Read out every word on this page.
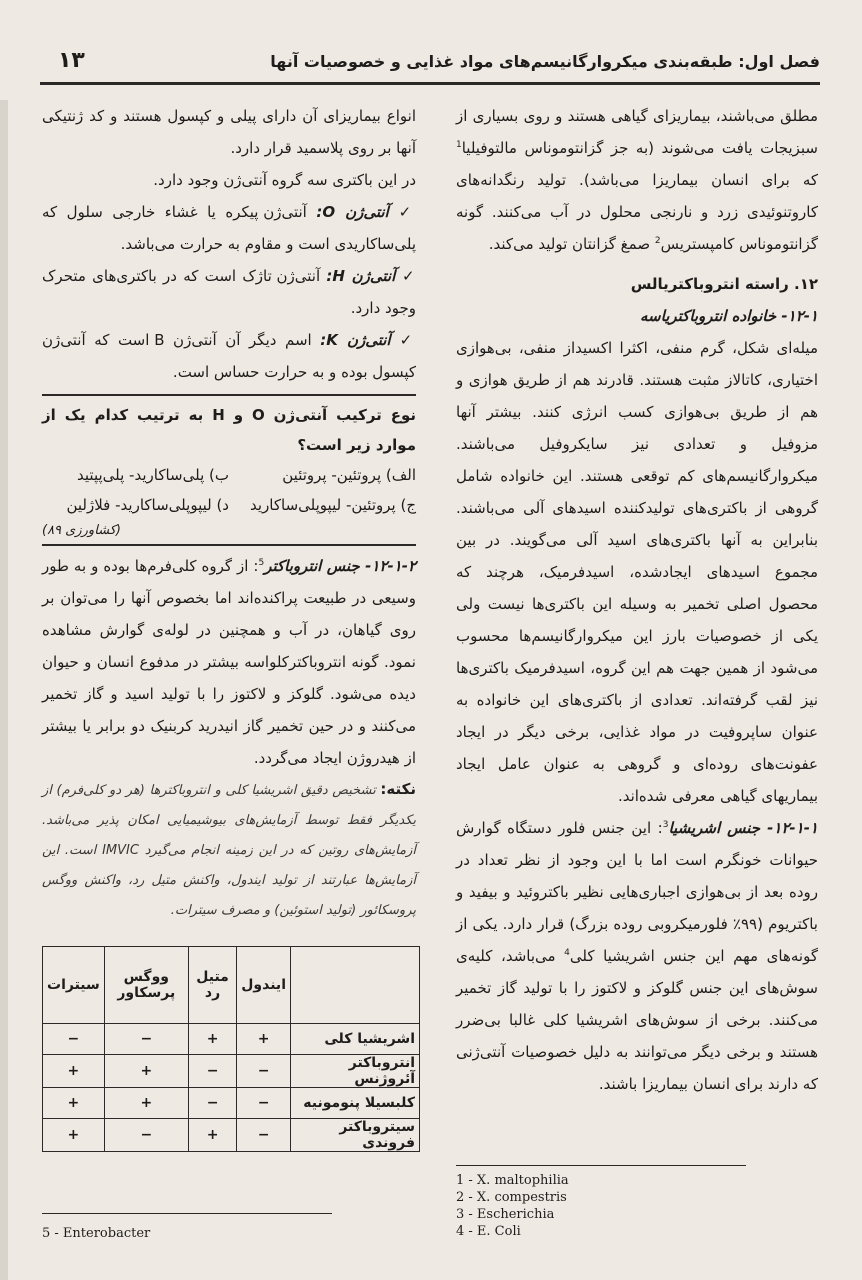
فصل اول: طبقه‌بندی میکروارگانیسم‌های مواد غذایی و خصوصیات آنها
۱۳

مطلق می‌باشند، بیماریزای گیاهی هستند و روی بسیاری از سبزیجات یافت می‌شوند (به جز گزانتوموناس مالتوفیلیا$^1$ که برای انسان بیماریزا می‌باشد). تولید رنگدانه‌های کاروتنوئیدی زرد و نارنجی محلول در آب می‌کنند. گونه گزانتوموناس کامپستریس$^2$ صمغ گزانتان تولید می‌کند.

۱۲. راسته انتروباکتریالس

۱۲-۱- خانواده انتروباکتریاسه

میله‌ای شکل، گرم منفی، اکثرا اکسیداز منفی، بی‌هوازی اختیاری، کاتالاز مثبت هستند. قادرند هم از طریق هوازی و هم از طریق بی‌هوازی کسب انرژی کنند. بیشتر آنها مزوفیل و تعدادی نیز سایکروفیل می‌باشند. میکروارگانیسم‌های کم توقعی هستند. این خانواده شامل گروهی از باکتری‌های تولیدکننده اسیدهای آلی می‌باشند. بنابراین به آنها باکتری‌های اسید آلی می‌گویند. در بین مجموع اسیدهای ایجادشده، اسیدفرمیک، هرچند که محصول اصلی تخمیر به وسیله این باکتری‌ها نیست ولی یکی از خصوصیات بارز این میکروارگانیسم‌ها محسوب می‌شود از همین جهت هم این گروه، اسیدفرمیک باکتری‌ها نیز لقب گرفته‌اند. تعدادی از باکتری‌های این خانواده به عنوان ساپروفیت در مواد غذایی، برخی دیگر در ایجاد عفونت‌های روده‌ای و گروهی به عنوان عامل ایجاد بیماریهای گیاهی معرفی شده‌اند.

۱۲-۱-۱- جنس اشریشیا$^3$: این جنس فلور دستگاه گوارش حیوانات خونگرم است اما با این وجود از نظر تعداد در روده بعد از بی‌هوازی اجباری‌هایی نظیر باکتروئید و بیفید و باکتریوم (۹۹٪ فلورمیکروبی روده بزرگ) قرار دارد. یکی از گونه‌های مهم این جنس اشریشیا کلی$^4$ می‌باشد، کلیه‌ی سوش‌های این جنس گلوکز و لاکتوز را با تولید گاز تخمیر می‌کنند. برخی از سوش‌های اشریشیا کلی غالبا بی‌ضرر هستند و برخی دیگر می‌توانند به دلیل خصوصیات آنتی‌ژنی که دارند برای انسان بیماریزا باشند.

انواع بیماریزای آن دارای پیلی و کپسول هستند و کد ژنتیکی آنها بر روی پلاسمید قرار دارد.

در این باکتری سه گروه آنتی‌ژن وجود دارد.

✓ آنتی‌ژن O: آنتی‌ژن پیکره یا غشاء خارجی سلول که پلی‌ساکاریدی است و مقاوم به حرارت می‌باشد.

✓ آنتی‌ژن H: آنتی‌ژن تاژک است که در باکتری‌های متحرک وجود دارد.

✓ آنتی‌ژن K: اسم دیگر آن آنتی‌ژن B است که آنتی‌ژن کپسول بوده و به حرارت حساس است.

نوع ترکیب آنتی‌ژن O و H به ترتیب کدام یک از موارد زیر است؟
الف) پروتئین- پروتئین
ب) پلی‌ساکارید- پلی‌پپتید
ج) پروتئین- لیپوپلی‌ساکارید
د) لیپوپلی‌ساکارید- فلاژلین
(کشاورزی ۸۹)

۱۲-۱-۲- جنس انتروباکتر$^5$: از گروه کلی‌فرم‌ها بوده و به طور وسیعی در طبیعت پراکنده‌اند اما بخصوص آنها را می‌توان بر روی گیاهان، در آب و همچنین در لوله‌ی گوارش مشاهده نمود. گونه انتروباکترکلواسه بیشتر در مدفوع انسان و حیوان دیده می‌شود. گلوکز و لاکتوز را با تولید اسید و گاز تخمیر می‌کنند و در حین تخمیر گاز انیدرید کربنیک دو برابر یا بیشتر از هیدروژن ایجاد می‌گردد.

نکته: تشخیص دقیق اشریشیا کلی و انتروباکترها (هر دو کلی‌فرم) از یکدیگر فقط توسط آزمایش‌های بیوشیمیایی امکان پذیر می‌باشد. آزمایش‌های روتین که در این زمینه انجام می‌گیرد IMVIC است. این آزمایش‌ها عبارتند از تولید ایندول، واکنش متیل رد، واکنش ووگس پروسکائور (تولید استوئین) و مصرف سیترات.

	ایندول	متیل رد	ووگس پرسکاور	سیترات
اشریشیا کلی	+	+	−	−
انتروباکتر آئروژنس	−	−	+	+
کلبسیلا پنومونیه	−	−	+	+
سیتروباکتر فروندی	−	+	−	+
1 - X. maltophilia
2 - X. compestris
3 - Escherichia
4 - E. Coli
5 - Enterobacter
